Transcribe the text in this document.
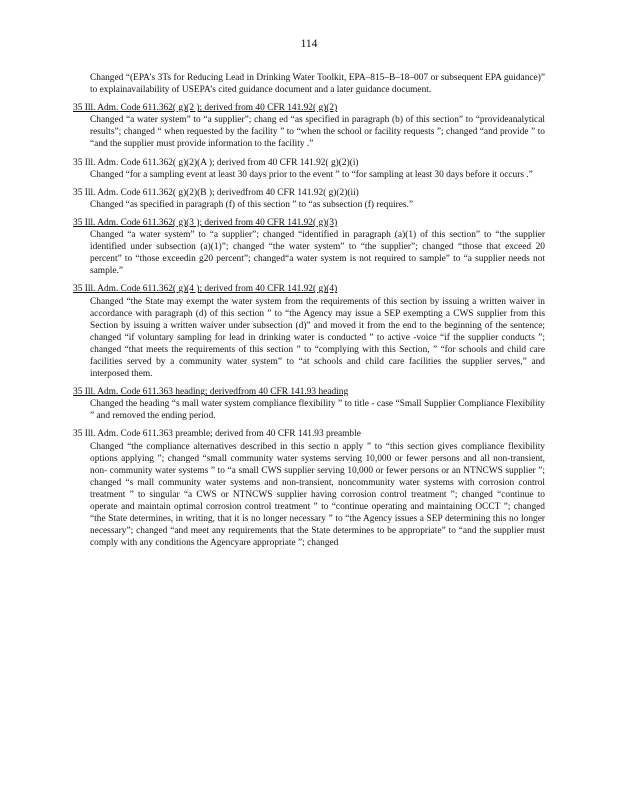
114
Changed “(EPA’s 3Ts for Reducing Lead in Drinking Water Toolkit, EPA–815–B–18–007 or subsequent EPA guidance)” to explainavailability of USEPA’s cited guidance document and a later guidance document.
35 Ill. Adm. Code 611.362( g)(2 ); derived from 40 CFR 141.92( g)(2)
Changed “a water system” to “a supplier”; chang ed “as specified in paragraph (b) of this section” to “provideanalytical results”; changed “ when requested by the facility ” to “when the school or facility requests ”; changed “and provide ” to “and the supplier must provide information to the facility .”
35 Ill. Adm. Code 611.362( g)(2)(A ); derived from 40 CFR 141.92( g)(2)(i)
Changed “for a sampling event at least 30 days prior to the event ” to “for sampling at least 30 days before it occurs .”
35 Ill. Adm. Code 611.362( g)(2)(B ); derivedfrom 40 CFR 141.92( g)(2)(ii)
Changed “as specified in paragraph (f) of this section ” to “as subsection (f) requires.”
35 Ill. Adm. Code 611.362( g)(3 ); derived from 40 CFR 141.92( g)(3)
Changed “a water system” to “a supplier”; changed “identified in paragraph (a)(1) of this section” to “the supplier identified under subsection (a)(1)”; changed “the water system” to “the supplier”; changed “those that exceed 20 percent” to “those exceedin g20 percent”; changed“a water system is not required to sample” to “a supplier needs not sample.”
35 Ill. Adm. Code 611.362( g)(4 ); derived from 40 CFR 141.92( g)(4)
Changed “the State may exempt the water system from the requirements of this section by issuing a written waiver in accordance with paragraph (d) of this section ” to “the Agency may issue a SEP exempting a CWS supplier from this Section by issuing a written waiver under subsection (d)” and moved it from the end to the beginning of the sentence; changed “if voluntary sampling for lead in drinking water is conducted ” to active -voice “if the supplier conducts ”; changed “that meets the requirements of this section ” to “complying with this Section, ” “for schools and child care facilities served by a community water system” to “at schools and child care facilities the supplier serves,” and interposed them.
35 Ill. Adm. Code 611.363 heading; derivedfrom 40 CFR 141.93 heading
Changed the heading “s mall water system compliance flexibility ” to title - case “Small Supplier Compliance Flexibility ” and removed the ending period.
35 Ill. Adm. Code 611.363 preamble; derived from 40 CFR 141.93 preamble
Changed “the compliance alternatives described in this sectio n apply ” to “this section gives compliance flexibility options applying ”; changed “small community water systems serving 10,000 or fewer persons and all non-transient, non- community water systems ” to “a small CWS supplier serving 10,000 or fewer persons or an NTNCWS supplier ”; changed “s mall community water systems and non-transient, noncommunity water systems with corrosion control treatment ” to singular “a CWS or NTNCWS supplier having corrosion control treatment ”; changed “continue to operate and maintain optimal corrosion control treatment ” to “continue operating and maintaining OCCT ”; changed “the State determines, in writing, that it is no longer necessary ” to “the Agency issues a SEP determining this no longer necessary”; changed “and meet any requirements that the State determines to be appropriate” to “and the supplier must comply with any conditions the Agencyare appropriate ”; changed
